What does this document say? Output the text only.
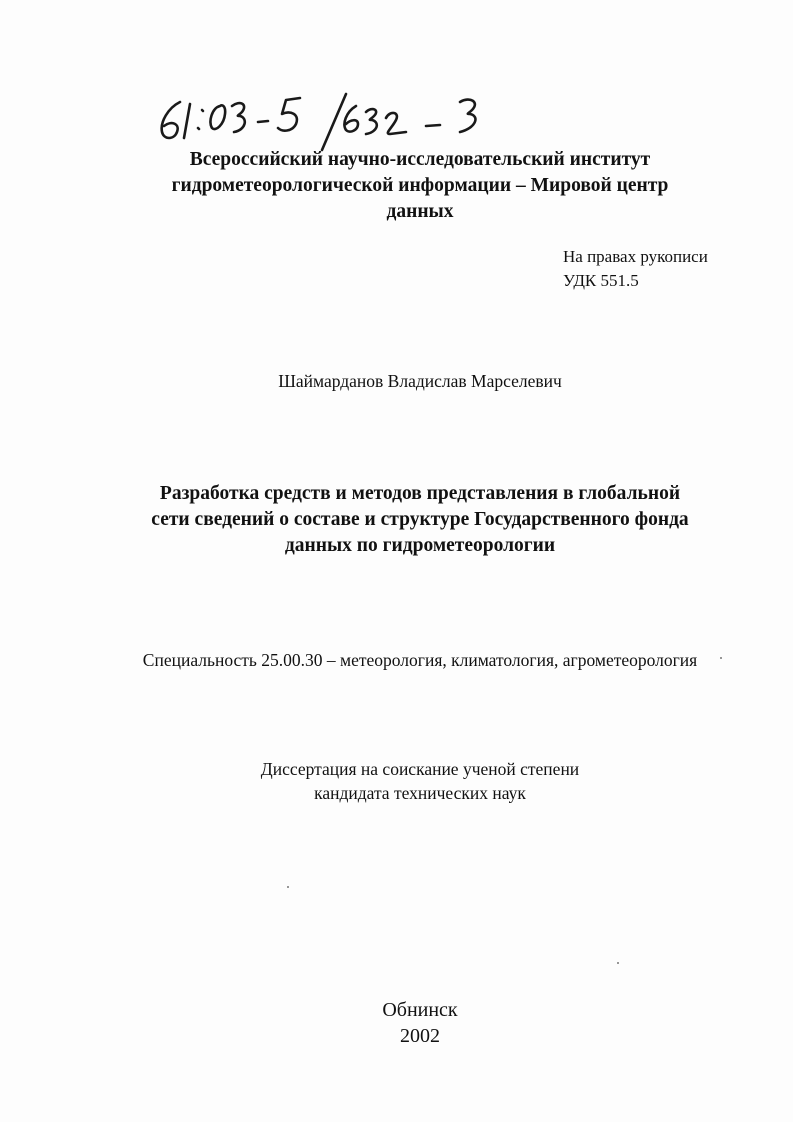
Всероссийский научно-исследовательский институт
гидрометеорологической информации – Мировой центр
данных
На правах рукописи
УДК 551.5
Шаймарданов Владислав Марселевич
Разработка средств и методов представления в глобальной
сети сведений о составе и структуре Государственного фонда
данных по гидрометеорологии
Специальность 25.00.30 – метеорология, климатология, агрометеорология
Диссертация на соискание ученой степени
кандидата технических наук
Обнинск
2002
